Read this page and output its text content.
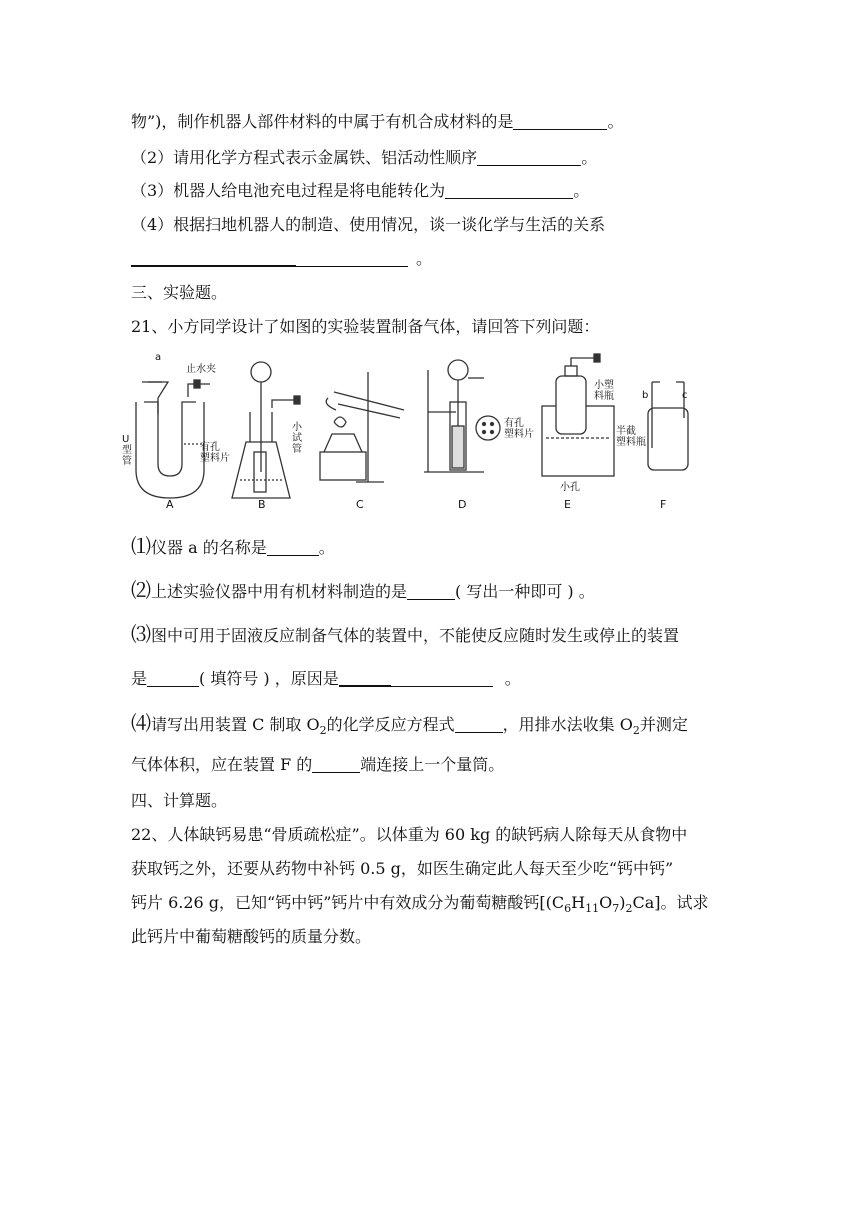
物”)，制作机器人部件材料的中属于有机合成材料的是	。
（2）请用化学方程式表示金属铁、铝活动性顺序	。
（3）机器人给电池充电过程是将电能转化为	。
（4）根据扫地机器人的制造、使用情况，谈一谈化学与生活的关系
。
三、实验题。
21、小方同学设计了如图的实验装置制备气体，请回答下列问题：
a
止水夹
U
型
管
有孔
塑料片
小
试
管
有孔
塑料片
小塑
料瓶
半截
塑料瓶
小孔
b	c
A	B	C	D	E	F
⑴仪器 a 的名称是	。
⑵上述实验仪器中用有机材料制造的是	( 写出一种即可 ) 。
⑶图中可用于固液反应制备气体的装置中，不能使反应随时发生或停止的装置
是	( 填符号 ) ，原因是	。
⑷请写出用装置 C 制取 $O_2$的化学反应方程式	，用排水法收集 $O_2$并测定
气体体积，应在装置 F 的	端连接上一个量筒。
四、计算题。
22、人体缺钙易患“骨质疏松症”。以体重为 60 kg 的缺钙病人除每天从食物中
获取钙之外，还要从药物中补钙 0.5 g，如医生确定此人每天至少吃“钙中钙”
钙片 6.26 g，已知“钙中钙”钙片中有效成分为葡萄糖酸钙$[(C_6H_{11}O_7)_2Ca]$。试求
此钙片中葡萄糖酸钙的质量分数。
